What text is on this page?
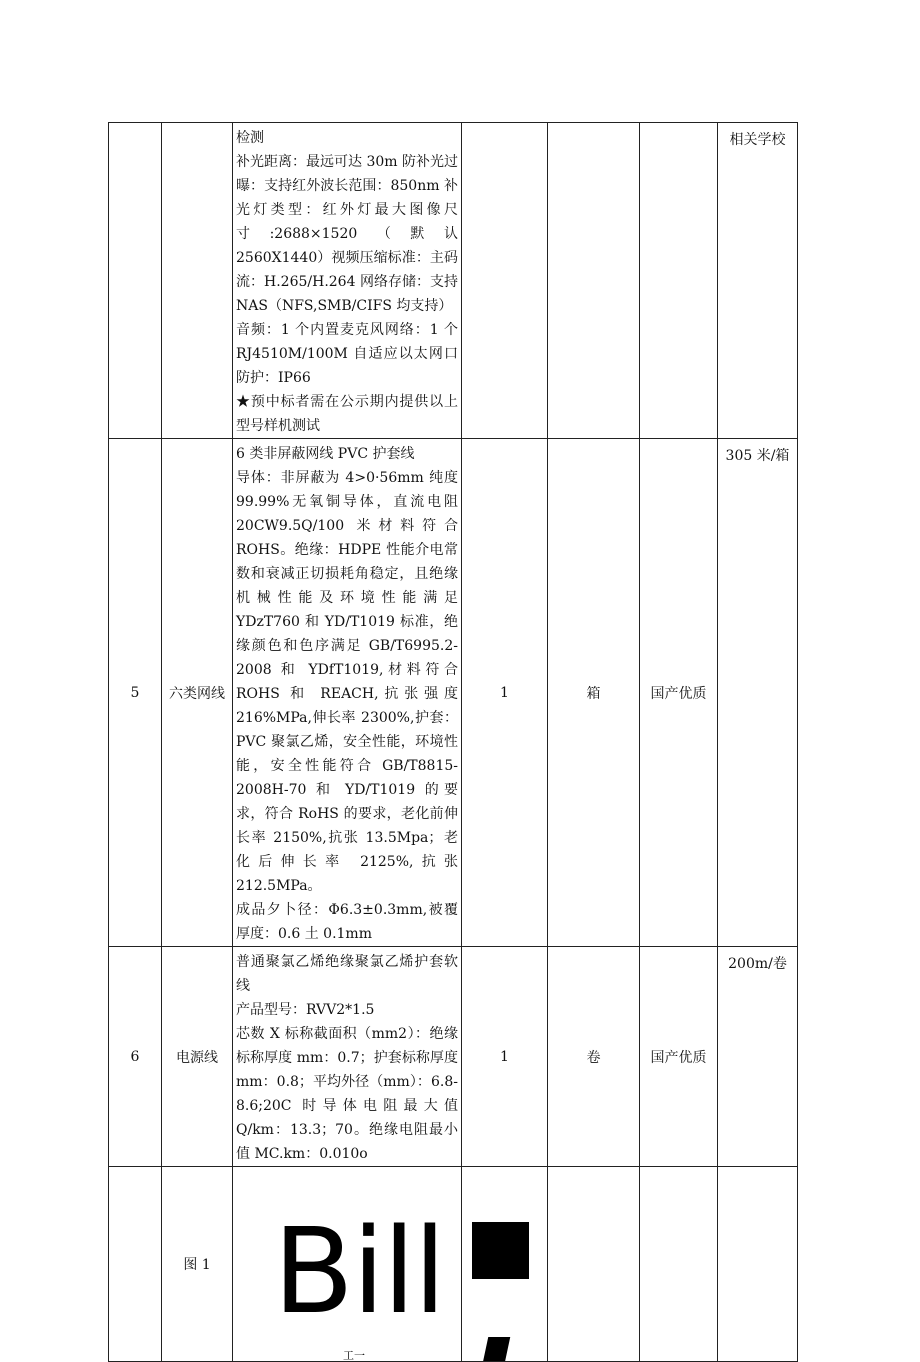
		检测

补光距离：最远可达 30m 防补光过曝：支持红外波长范围：850nm 补光灯类型：红外灯最大图像尺寸:2688×1520（默认 2560X1440）视频压缩标准：主码流：H.265/H.264 网络存储：支持 NAS（NFS,SMB/CIFS 均支持）

音频：1 个内置麦克风网络：1 个 RJ4510M/100M 自适应以太网口防护：IP66

★预中标者需在公示期内提供以上型号样机测试				相关学校
5	六类网线	6 类非屏蔽网线 PVC 护套线

导体：非屏蔽为 4>0·56mm 纯度 99.99%无氧铜导体，直流电阻 20CW9.5Q/100 米材料符合 ROHS。绝缘：HDPE 性能介电常数和衰减正切损耗角稳定，且绝缘机械性能及环境性能满足 YDzT760 和 YD/T1019 标准，绝缘颜色和色序满足 GB/T6995.2-2008 和 YDfT1019,材料符合 ROHS 和 REACH,抗张强度 216%MPa,伸长率 2300%,护套：PVC 聚氯乙烯，安全性能，环境性能，安全性能符合 GB/T8815-2008H-70 和 YD/T1019 的要求，符合 RoHS 的要求，老化前伸长率 2150%,抗张 13.5Mpa；老化后伸长率 2125%,抗张 212.5MPa。

成品夕卜径：Φ6.3±0.3mm,被覆厚度：0.6 土 0.1mm	1	箱	国产优质	305 米/箱
6	电源线	普通聚氯乙烯绝缘聚氯乙烯护套软线

产品型号：RVV2*1.5

芯数 X 标称截面积（mm2）：绝缘标称厚度 mm：0.7；护套标称厚度 mm：0.8；平均外径（mm）：6.8-8.6;20C 时导体电阻最大值 Q/km：13.3；70。绝缘电阻最小值 MC.km：0.010o	1	卷	国产优质	200m/卷
	图 1	Bill
工一				
